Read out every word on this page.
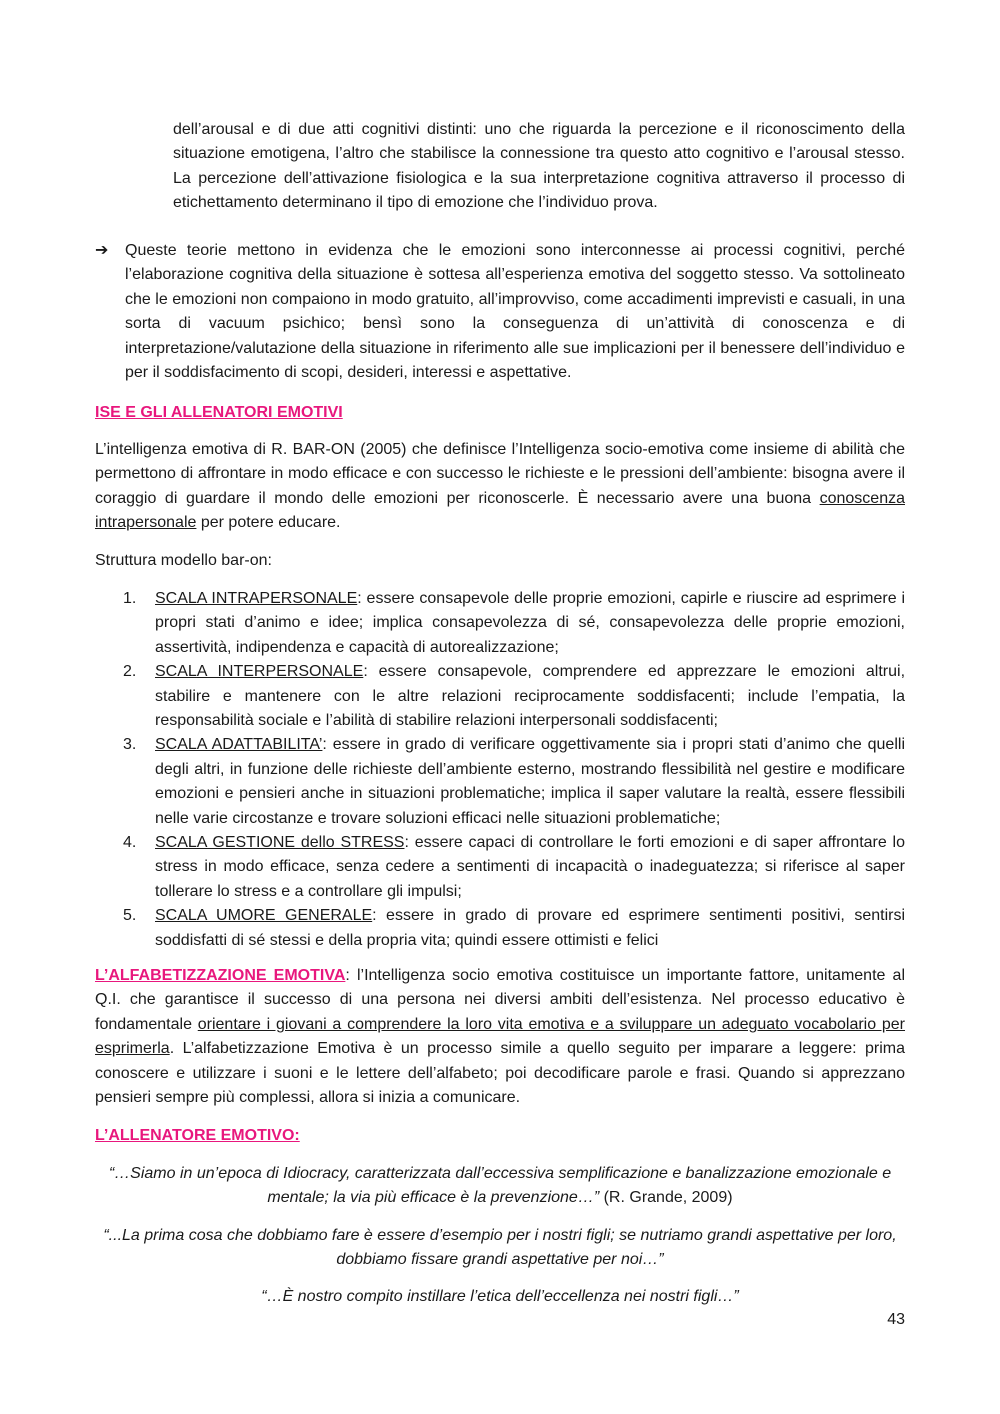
dell’arousal e di due atti cognitivi distinti: uno che riguarda la percezione e il riconoscimento della situazione emotigena, l’altro che stabilisce la connessione tra questo atto cognitivo e l’arousal stesso. La percezione dell’attivazione fisiologica e la sua interpretazione cognitiva attraverso il processo di etichettamento determinano il tipo di emozione che l’individuo prova.

➔	Queste teorie mettono in evidenza che le emozioni sono interconnesse ai processi cognitivi, perché l’elaborazione cognitiva della situazione è sottesa all’esperienza emotiva del soggetto stesso. Va sottolineato che le emozioni non compaiono in modo gratuito, all’improvviso, come accadimenti imprevisti e casuali, in una sorta di vacuum psichico; bensì sono la conseguenza di un’attività di conoscenza e di interpretazione/valutazione della situazione in riferimento alle sue implicazioni per il benessere dell’individuo e per il soddisfacimento di scopi, desideri, interessi e aspettative.

ISE E GLI ALLENATORI EMOTIVI

L’intelligenza emotiva di R. BAR-ON (2005) che definisce l’Intelligenza socio-emotiva come insieme di abilità che permettono di affrontare in modo efficace e con successo le richieste e le pressioni dell’ambiente: bisogna avere il coraggio di guardare il mondo delle emozioni per riconoscerle. È necessario avere una buona conoscenza intrapersonale per potere educare.

Struttura modello bar-on:

1. SCALA INTRAPERSONALE: essere consapevole delle proprie emozioni, capirle e riuscire ad esprimere i propri stati d’animo e idee; implica consapevolezza di sé, consapevolezza delle proprie emozioni, assertività, indipendenza e capacità di autorealizzazione;
2. SCALA INTERPERSONALE: essere consapevole, comprendere ed apprezzare le emozioni altrui, stabilire e mantenere con le altre relazioni reciprocamente soddisfacenti; include l’empatia, la responsabilità sociale e l’abilità di stabilire relazioni interpersonali soddisfacenti;
3. SCALA ADATTABILITA’: essere in grado di verificare oggettivamente sia i propri stati d’animo che quelli degli altri, in funzione delle richieste dell’ambiente esterno, mostrando flessibilità nel gestire e modificare emozioni e pensieri anche in situazioni problematiche; implica il saper valutare la realtà, essere flessibili nelle varie circostanze e trovare soluzioni efficaci nelle situazioni problematiche;
4. SCALA GESTIONE dello STRESS: essere capaci di controllare le forti emozioni e di saper affrontare lo stress in modo efficace, senza cedere a sentimenti di incapacità o inadeguatezza; si riferisce al saper tollerare lo stress e a controllare gli impulsi;
5. SCALA UMORE GENERALE: essere in grado di provare ed esprimere sentimenti positivi, sentirsi soddisfatti di sé stessi e della propria vita; quindi essere ottimisti e felici

L’ALFABETIZZAZIONE EMOTIVA: l’Intelligenza socio emotiva costituisce un importante fattore, unitamente al Q.I. che garantisce il successo di una persona nei diversi ambiti dell’esistenza. Nel processo educativo è fondamentale orientare i giovani a comprendere la loro vita emotiva e a sviluppare un adeguato vocabolario per esprimerla. L’alfabetizzazione Emotiva è un processo simile a quello seguito per imparare a leggere: prima conoscere e utilizzare i suoni e le lettere dell’alfabeto; poi decodificare parole e frasi. Quando si apprezzano pensieri sempre più complessi, allora si inizia a comunicare.

L’ALLENATORE EMOTIVO:

“…Siamo in un’epoca di Idiocracy, caratterizzata dall’eccessiva semplificazione e banalizzazione emozionale e mentale; la via più efficace è la prevenzione…” (R. Grande, 2009)

“...La prima cosa che dobbiamo fare è essere d’esempio per i nostri figli; se nutriamo grandi aspettative per loro, dobbiamo fissare grandi aspettative per noi…”

“…È nostro compito instillare l’etica dell’eccellenza nei nostri figli…”

43
